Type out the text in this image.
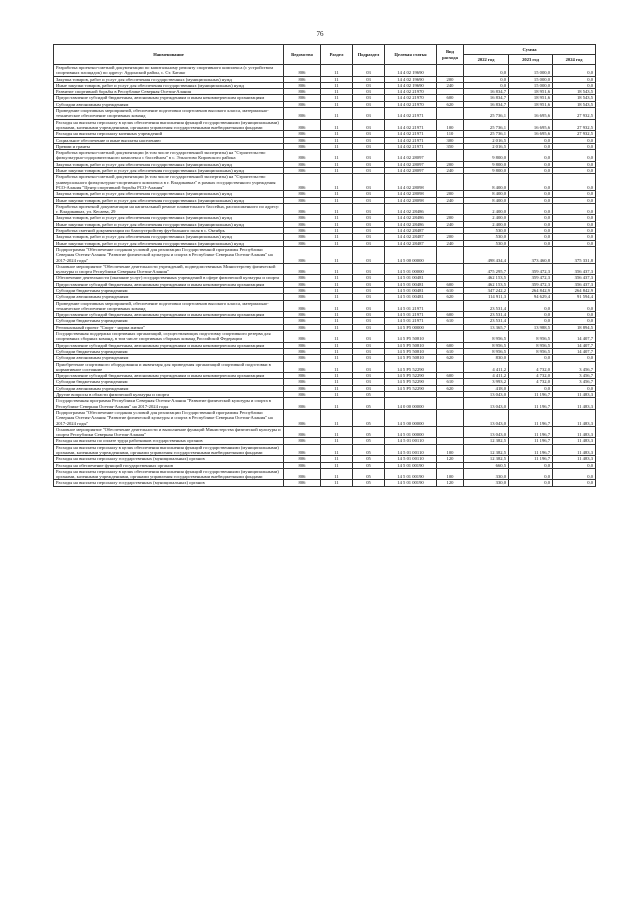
76
Наименование	Ведомство	Раздел	Подраздел	Целевая статья	Вид расхода	Сумма		
						2022 год	2023 год	2024 год
Разработка проектно-сметной документации по капитальному ремонту спортивного комплекса (с устройством спортивных площадок) по адресу: Ардонский район, с. Ст. Батако	806	11	03	14 4 02 19690		0,0	15 000,0	0,0
Закупка товаров, работ и услуг для обеспечения государственных (муниципальных) нужд	806	11	03	14 4 02 19690	200	0,0	15 000,0	0,0
Иные закупки товаров, работ и услуг для обеспечения государственных (муниципальных) нужд	806	11	03	14 4 02 19690	240	0,0	15 000,0	0,0
Развитие спортивной борьбы в Республике Северная Осетия-Алания	806	11	03	14 4 02 21970		16 834,7	18 951,6	18 543,5
Предоставление субсидий бюджетным, автономным учреждениям и иным некоммерческим организациям	806	11	03	14 4 02 21970	600	16 834,7	18 951,6	18 543,5
Субсидии автономным учреждениям	806	11	03	14 4 02 21970	620	16 834,7	18 951,6	18 543,5
Проведение спортивных мероприятий, обеспечение подготовки спортсменов высокого класса, материально-техническое обеспечение спортивных команд	806	11	03	14 4 02 21971		25 736,1	16 695,6	27 932,5
Расходы на выплаты персоналу в целях обеспечения выполнения функций государственными (муниципальными) органами, казенными учреждениями, органами управления государственными внебюджетными фондами	806	11	03	14 4 02 21971	100	25 736,1	16 695,6	27 932,5
Расходы на выплаты персоналу казенных учреждений	806	11	03	14 4 02 21971	110	25 736,1	16 695,6	27 932,5
Социальное обеспечение и иные выплаты населению	806	11	03	14 4 02 21971	300	2 016,5	0,0	0,0
Премии и гранты	806	11	03	14 4 02 21971	350	2 016,5	0,0	0,0
Разработка проектно-сметной документации (в том числе государственной экспертизы) на "Строительство физкультурно-оздоровительного комплекса с бассейном" в с. Эльхотово Кировского района	806	11	03	14 4 02 28097		9 800,0	0,0	0,0
Закупка товаров, работ и услуг для обеспечения государственных (муниципальных) нужд	806	11	03	14 4 02 28097	200	9 800,0	0,0	0,0
Иные закупки товаров, работ и услуг для обеспечения государственных (муниципальных) нужд	806	11	03	14 4 02 28097	240	9 800,0	0,0	0,0
Разработка проектно-сметной документации (в том числе государственной экспертизы) на "Строительство универсального физкультурно-спортивного комплекса в г. Владикавказ" в рамках государственного учреждения РСО-Алания "Центр спортивной борьбы РСО-Алания"	806	11	03	14 4 02 28098		8 400,0	0,0	0,0
Закупка товаров, работ и услуг для обеспечения государственных (муниципальных) нужд	806	11	03	14 4 02 28098	200	8 400,0	0,0	0,0
Иные закупки товаров, работ и услуг для обеспечения государственных (муниципальных) нужд	806	11	03	14 4 02 28098	240	8 400,0	0,0	0,0
Разработка проектной документации на капитальный ремонт плавательного бассейна, расположенного по адресу: г. Владикавказ, ул. Кесаева, 29	806	11	03	14 4 02 28486		2 400,0	0,0	0,0
Закупка товаров, работ и услуг для обеспечения государственных (муниципальных) нужд	806	11	03	14 4 02 28486	200	2 400,0	0,0	0,0
Иные закупки товаров, работ и услуг для обеспечения государственных (муниципальных) нужд	806	11	03	14 4 02 28486	240	2 400,0	0,0	0,0
Разработка сметной документации по благоустройству футбольного поля в с. Октябрь	806	11	03	14 4 02 28487		530,0	0,0	0,0
Закупка товаров, работ и услуг для обеспечения государственных (муниципальных) нужд	806	11	03	14 4 02 28487	200	530,0	0,0	0,0
Иные закупки товаров, работ и услуг для обеспечения государственных (муниципальных) нужд	806	11	03	14 4 02 28487	240	530,0	0,0	0,0
Подпрограмма "Обеспечение создания условий для реализации Государственной программы Республики Северная Осетия-Алания "Развитие физической культуры и спорта в Республике Северная Осетия-Алания" на 2017-2024 годы"	806	11	03	14 5 00 00000		498 434,4	373 460,8	375 331,8
Основное мероприятие "Обеспечение деятельности учреждений, подведомственных Министерству физической культуры и спорта Республики Северная Осетия-Алания"	806	11	03	14 5 01 00000		475 295,7	359 472,3	356 437,3
Обеспечение деятельности (оказание услуг) государственных учреждений в сфере физической культуры и спорта	806	11	03	14 5 01 00481		462 153,5	359 472,3	356 437,3
Предоставление субсидий бюджетным, автономным учреждениям и иным некоммерческим организациям	806	11	03	14 5 01 00481	600	462 153,5	359 472,3	356 437,3
Субсидии бюджетным учреждениям	806	11	03	14 5 01 00481	610	347 242,2	264 842,9	264 842,9
Субсидии автономным учреждениям	806	11	03	14 5 01 00481	620	114 911,3	94 629,4	91 594,4
Проведение спортивных мероприятий, обеспечение подготовки спортсменов высокого класса, материально-техническое обеспечение спортивных команд	806	11	03	14 5 01 21971		23 531,4	0,0	0,0
Предоставление субсидий бюджетным, автономным учреждениям и иным некоммерческим организациям	806	11	03	14 5 01 21971	600	23 531,4	0,0	0,0
Субсидии бюджетным учреждениям	806	11	03	14 5 01 21971	610	23 531,4	0,0	0,0
Региональный проект "Спорт - норма жизни"	806	11	03	14 5 P5 00000		13 365,7	13 988,5	18 894,5
Государственная поддержка спортивных организаций, осуществляющих подготовку спортивного резерва для спортивных сборных команд, в том числе спортивных сборных команд Российской Федерации	806	11	03	14 5 P5 50810		8 956,5	8 956,5	14 407,7
Предоставление субсидий бюджетным, автономным учреждениям и иным некоммерческим организациям	806	11	03	14 5 P5 50810	600	8 956,5	8 956,5	14 407,7
Субсидии бюджетным учреждениям	806	11	03	14 5 P5 50810	610	8 956,5	8 956,5	14 407,7
Субсидии автономным учреждениям	806	11	03	14 5 P5 50810	620	830,0	0,0	0,0
Приобретение спортивного оборудования и инвентаря для приведения организаций спортивной подготовки в нормативное состояние	806	11	03	14 5 P5 52290		4 411,2	4 732,0	3 456,7
Предоставление субсидий бюджетным, автономным учреждениям и иным некоммерческим организациям	806	11	03	14 5 P5 52290	600	4 411,2	4 732,0	3 456,7
Субсидии бюджетным учреждениям	806	11	03	14 5 P5 52290	610	3 993,2	4 732,0	3 456,7
Субсидии автономным учреждениям	806	11	03	14 5 P5 52290	620	418,0	0,0	0,0
Другие вопросы в области физической культуры и спорта	806	11	05			13 043,0	11 196,7	11 483,3
Государственная программа Республики Северная Осетия-Алания "Развитие физической культуры и спорта в Республике Северная Осетия-Алания" на 2017-2024 годы	806	11	05	14 0 00 00000		13 043,0	11 196,7	11 483,3
Подпрограмма "Обеспечение создания условий для реализации Государственной программы Республики Северная Осетия-Алания "Развитие физической культуры и спорта в Республике Северная Осетия-Алания" на 2017-2024 годы"	806	11	05	14 5 00 00000		13 043,0	11 196,7	11 483,3
Основное мероприятие "Обеспечение деятельности и выполнение функций Министерства физической культуры и спорта Республики Северная Осетия-Алания"	806	11	05	14 5 01 00000		13 043,0	11 196,7	11 483,3
Расходы на выплаты по оплате труда работников государственных органов	806	11	05	14 5 01 00110		12 382,5	11 196,7	11 483,3
Расходы на выплаты персоналу в целях обеспечения выполнения функций государственными (муниципальными) органами, казенными учреждениями, органами управления государственными внебюджетными фондами	806	11	05	14 5 01 00110	100	12 382,5	11 196,7	11 483,3
Расходы на выплаты персоналу государственных (муниципальных) органов	806	11	05	14 5 01 00110	120	12 382,5	11 196,7	11 483,3
Расходы на обеспечение функций государственных органов	806	11	05	14 5 01 00190		660,5	0,0	0,0
Расходы на выплаты персоналу в целях обеспечения выполнения функций государственными (муниципальными) органами, казенными учреждениями, органами управления государственными внебюджетными фондами	806	11	05	14 5 01 00190	100	330,0	0,0	0,0
Расходы на выплаты персоналу государственных (муниципальных) органов	806	11	05	14 5 01 00190	120	330,0	0,0	0,0
